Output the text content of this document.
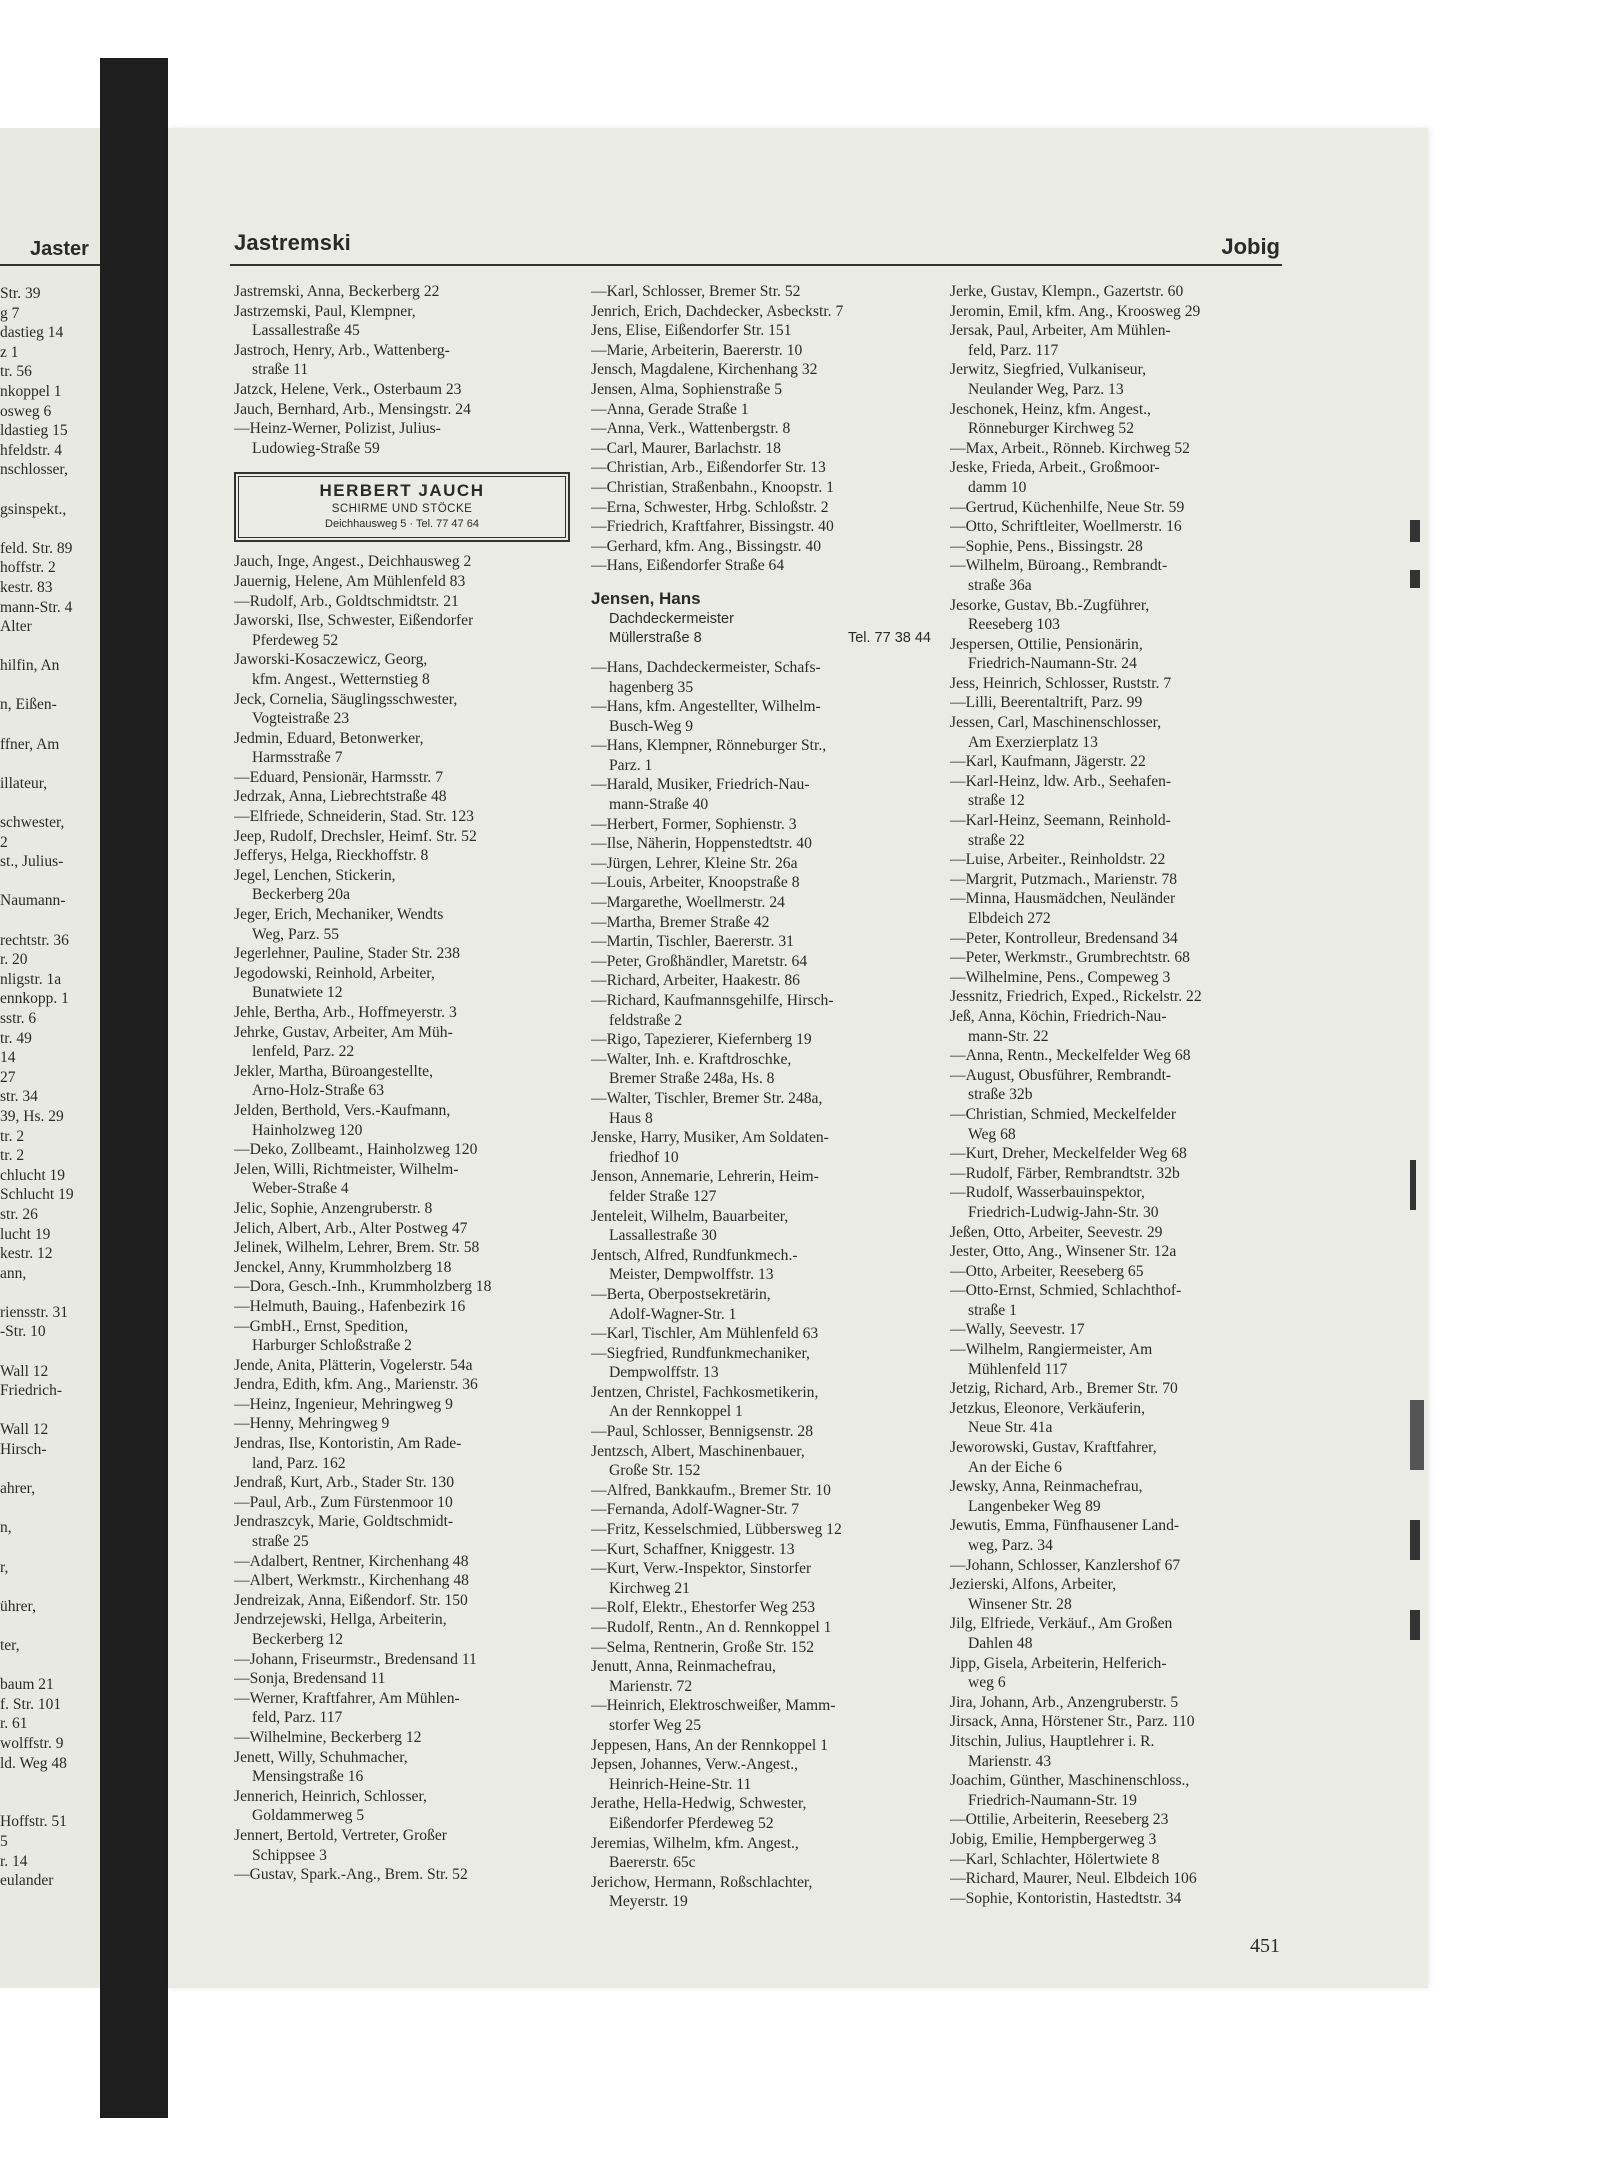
Jaster
Str. 39
g 7
dastieg 14
z 1
tr. 56
nkoppel 1
osweg 6
ldastieg 15
hfeldstr. 4
nschlosser,
gsinspekt.,
feld. Str. 89
hoffstr. 2
kestr. 83
mann-Str. 4
Alter
hilfin, An
n, Eißen-
ffner, Am
illateur,
schwester,
2
st., Julius-
Naumann-
rechtstr. 36
r. 20
nligstr. 1a
ennkopp. 1
sstr. 6
tr. 49
14
27
str. 34
39, Hs. 29
tr. 2
tr. 2
chlucht 19
Schlucht 19
str. 26
lucht 19
kestr. 12
ann,
riensstr. 31
-Str. 10
Wall 12
Friedrich-
Wall 12
Hirsch-
ahrer,
n,
r,
ührer,
ter,
baum 21
f. Str. 101
r. 61
wolffstr. 9
ld. Weg 48
Hoffstr. 51
5
r. 14
eulander
Jastremski	Jobig
Jastremski, Anna, Beckerberg 22
Jastrzemski, Paul, Klempner,
Lassallestraße 45
Jastroch, Henry, Arb., Wattenberg-
straße 11
Jatzck, Helene, Verk., Osterbaum 23
Jauch, Bernhard, Arb., Mensingstr. 24
—Heinz-Werner, Polizist, Julius-
Ludowieg-Straße 59
HERBERT JAUCH
SCHIRME UND STÖCKE
Deichhausweg 5 · Tel. 77 47 64
Jauch, Inge, Angest., Deichhausweg 2
Jauernig, Helene, Am Mühlenfeld 83
—Rudolf, Arb., Goldtschmidtstr. 21
Jaworski, Ilse, Schwester, Eißendorfer
Pferdeweg 52
Jaworski-Kosaczewicz, Georg,
kfm. Angest., Wetternstieg 8
Jeck, Cornelia, Säuglingsschwester,
Vogteistraße 23
Jedmin, Eduard, Betonwerker,
Harmsstraße 7
—Eduard, Pensionär, Harmsstr. 7
Jedrzak, Anna, Liebrechtstraße 48
—Elfriede, Schneiderin, Stad. Str. 123
Jeep, Rudolf, Drechsler, Heimf. Str. 52
Jefferys, Helga, Rieckhoffstr. 8
Jegel, Lenchen, Stickerin,
Beckerberg 20a
Jeger, Erich, Mechaniker, Wendts
Weg, Parz. 55
Jegerlehner, Pauline, Stader Str. 238
Jegodowski, Reinhold, Arbeiter,
Bunatwiete 12
Jehle, Bertha, Arb., Hoffmeyerstr. 3
Jehrke, Gustav, Arbeiter, Am Müh-
lenfeld, Parz. 22
Jekler, Martha, Büroangestellte,
Arno-Holz-Straße 63
Jelden, Berthold, Vers.-Kaufmann,
Hainholzweg 120
—Deko, Zollbeamt., Hainholzweg 120
Jelen, Willi, Richtmeister, Wilhelm-
Weber-Straße 4
Jelic, Sophie, Anzengruberstr. 8
Jelich, Albert, Arb., Alter Postweg 47
Jelinek, Wilhelm, Lehrer, Brem. Str. 58
Jenckel, Anny, Krummholzberg 18
—Dora, Gesch.-Inh., Krummholzberg 18
—Helmuth, Bauing., Hafenbezirk 16
—GmbH., Ernst, Spedition,
Harburger Schloßstraße 2
Jende, Anita, Plätterin, Vogelerstr. 54a
Jendra, Edith, kfm. Ang., Marienstr. 36
—Heinz, Ingenieur, Mehringweg 9
—Henny, Mehringweg 9
Jendras, Ilse, Kontoristin, Am Rade-
land, Parz. 162
Jendraß, Kurt, Arb., Stader Str. 130
—Paul, Arb., Zum Fürstenmoor 10
Jendraszcyk, Marie, Goldtschmidt-
straße 25
—Adalbert, Rentner, Kirchenhang 48
—Albert, Werkmstr., Kirchenhang 48
Jendreizak, Anna, Eißendorf. Str. 150
Jendrzejewski, Hellga, Arbeiterin,
Beckerberg 12
—Johann, Friseurmstr., Bredensand 11
—Sonja, Bredensand 11
—Werner, Kraftfahrer, Am Mühlen-
feld, Parz. 117
—Wilhelmine, Beckerberg 12
Jenett, Willy, Schuhmacher,
Mensingstraße 16
Jennerich, Heinrich, Schlosser,
Goldammerweg 5
Jennert, Bertold, Vertreter, Großer
Schippsee 3
—Gustav, Spark.-Ang., Brem. Str. 52
—Karl, Schlosser, Bremer Str. 52
Jenrich, Erich, Dachdecker, Asbeckstr. 7
Jens, Elise, Eißendorfer Str. 151
—Marie, Arbeiterin, Baererstr. 10
Jensch, Magdalene, Kirchenhang 32
Jensen, Alma, Sophienstraße 5
—Anna, Gerade Straße 1
—Anna, Verk., Wattenbergstr. 8
—Carl, Maurer, Barlachstr. 18
—Christian, Arb., Eißendorfer Str. 13
—Christian, Straßenbahn., Knoopstr. 1
—Erna, Schwester, Hrbg. Schloßstr. 2
—Friedrich, Kraftfahrer, Bissingstr. 40
—Gerhard, kfm. Ang., Bissingstr. 40
—Hans, Eißendorfer Straße 64
Jensen, Hans
Dachdeckermeister
Müllerstraße 8	Tel. 77 38 44
—Hans, Dachdeckermeister, Schafs-
hagenberg 35
—Hans, kfm. Angestellter, Wilhelm-
Busch-Weg 9
—Hans, Klempner, Rönneburger Str.,
Parz. 1
—Harald, Musiker, Friedrich-Nau-
mann-Straße 40
—Herbert, Former, Sophienstr. 3
—Ilse, Näherin, Hoppenstedtstr. 40
—Jürgen, Lehrer, Kleine Str. 26a
—Louis, Arbeiter, Knoopstraße 8
—Margarethe, Woellmerstr. 24
—Martha, Bremer Straße 42
—Martin, Tischler, Baererstr. 31
—Peter, Großhändler, Maretstr. 64
—Richard, Arbeiter, Haakestr. 86
—Richard, Kaufmannsgehilfe, Hirsch-
feldstraße 2
—Rigo, Tapezierer, Kiefernberg 19
—Walter, Inh. e. Kraftdroschke,
Bremer Straße 248a, Hs. 8
—Walter, Tischler, Bremer Str. 248a,
Haus 8
Jenske, Harry, Musiker, Am Soldaten-
friedhof 10
Jenson, Annemarie, Lehrerin, Heim-
felder Straße 127
Jenteleit, Wilhelm, Bauarbeiter,
Lassallestraße 30
Jentsch, Alfred, Rundfunkmech.-
Meister, Dempwolffstr. 13
—Berta, Oberpostsekretärin,
Adolf-Wagner-Str. 1
—Karl, Tischler, Am Mühlenfeld 63
—Siegfried, Rundfunkmechaniker,
Dempwolffstr. 13
Jentzen, Christel, Fachkosmetikerin,
An der Rennkoppel 1
—Paul, Schlosser, Bennigsenstr. 28
Jentzsch, Albert, Maschinenbauer,
Große Str. 152
—Alfred, Bankkaufm., Bremer Str. 10
—Fernanda, Adolf-Wagner-Str. 7
—Fritz, Kesselschmied, Lübbersweg 12
—Kurt, Schaffner, Kniggestr. 13
—Kurt, Verw.-Inspektor, Sinstorfer
Kirchweg 21
—Rolf, Elektr., Ehestorfer Weg 253
—Rudolf, Rentn., An d. Rennkoppel 1
—Selma, Rentnerin, Große Str. 152
Jenutt, Anna, Reinmachefrau,
Marienstr. 72
—Heinrich, Elektroschweißer, Mamm-
storfer Weg 25
Jeppesen, Hans, An der Rennkoppel 1
Jepsen, Johannes, Verw.-Angest.,
Heinrich-Heine-Str. 11
Jerathe, Hella-Hedwig, Schwester,
Eißendorfer Pferdeweg 52
Jeremias, Wilhelm, kfm. Angest.,
Baererstr. 65c
Jerichow, Hermann, Roßschlachter,
Meyerstr. 19
Jerke, Gustav, Klempn., Gazertstr. 60
Jeromin, Emil, kfm. Ang., Kroosweg 29
Jersak, Paul, Arbeiter, Am Mühlen-
feld, Parz. 117
Jerwitz, Siegfried, Vulkaniseur,
Neulander Weg, Parz. 13
Jeschonek, Heinz, kfm. Angest.,
Rönneburger Kirchweg 52
—Max, Arbeit., Rönneb. Kirchweg 52
Jeske, Frieda, Arbeit., Großmoor-
damm 10
—Gertrud, Küchenhilfe, Neue Str. 59
—Otto, Schriftleiter, Woellmerstr. 16
—Sophie, Pens., Bissingstr. 28
—Wilhelm, Büroang., Rembrandt-
straße 36a
Jesorke, Gustav, Bb.-Zugführer,
Reeseberg 103
Jespersen, Ottilie, Pensionärin,
Friedrich-Naumann-Str. 24
Jess, Heinrich, Schlosser, Ruststr. 7
—Lilli, Beerentaltrift, Parz. 99
Jessen, Carl, Maschinenschlosser,
Am Exerzierplatz 13
—Karl, Kaufmann, Jägerstr. 22
—Karl-Heinz, ldw. Arb., Seehafen-
straße 12
—Karl-Heinz, Seemann, Reinhold-
straße 22
—Luise, Arbeiter., Reinholdstr. 22
—Margrit, Putzmach., Marienstr. 78
—Minna, Hausmädchen, Neuländer
Elbdeich 272
—Peter, Kontrolleur, Bredensand 34
—Peter, Werkmstr., Grumbrechtstr. 68
—Wilhelmine, Pens., Compeweg 3
Jessnitz, Friedrich, Exped., Rickelstr. 22
Jeß, Anna, Köchin, Friedrich-Nau-
mann-Str. 22
—Anna, Rentn., Meckelfelder Weg 68
—August, Obusführer, Rembrandt-
straße 32b
—Christian, Schmied, Meckelfelder
Weg 68
—Kurt, Dreher, Meckelfelder Weg 68
—Rudolf, Färber, Rembrandtstr. 32b
—Rudolf, Wasserbauinspektor,
Friedrich-Ludwig-Jahn-Str. 30
Jeßen, Otto, Arbeiter, Seevestr. 29
Jester, Otto, Ang., Winsener Str. 12a
—Otto, Arbeiter, Reeseberg 65
—Otto-Ernst, Schmied, Schlachthof-
straße 1
—Wally, Seevestr. 17
—Wilhelm, Rangiermeister, Am
Mühlenfeld 117
Jetzig, Richard, Arb., Bremer Str. 70
Jetzkus, Eleonore, Verkäuferin,
Neue Str. 41a
Jeworowski, Gustav, Kraftfahrer,
An der Eiche 6
Jewsky, Anna, Reinmachefrau,
Langenbeker Weg 89
Jewutis, Emma, Fünfhausener Land-
weg, Parz. 34
—Johann, Schlosser, Kanzlershof 67
Jezierski, Alfons, Arbeiter,
Winsener Str. 28
Jilg, Elfriede, Verkäuf., Am Großen
Dahlen 48
Jipp, Gisela, Arbeiterin, Helferich-
weg 6
Jira, Johann, Arb., Anzengruberstr. 5
Jirsack, Anna, Hörstener Str., Parz. 110
Jitschin, Julius, Hauptlehrer i. R.
Marienstr. 43
Joachim, Günther, Maschinenschloss.,
Friedrich-Naumann-Str. 19
—Ottilie, Arbeiterin, Reeseberg 23
Jobig, Emilie, Hempbergerweg 3
—Karl, Schlachter, Hölertwiete 8
—Richard, Maurer, Neul. Elbdeich 106
—Sophie, Kontoristin, Hastedtstr. 34
451
